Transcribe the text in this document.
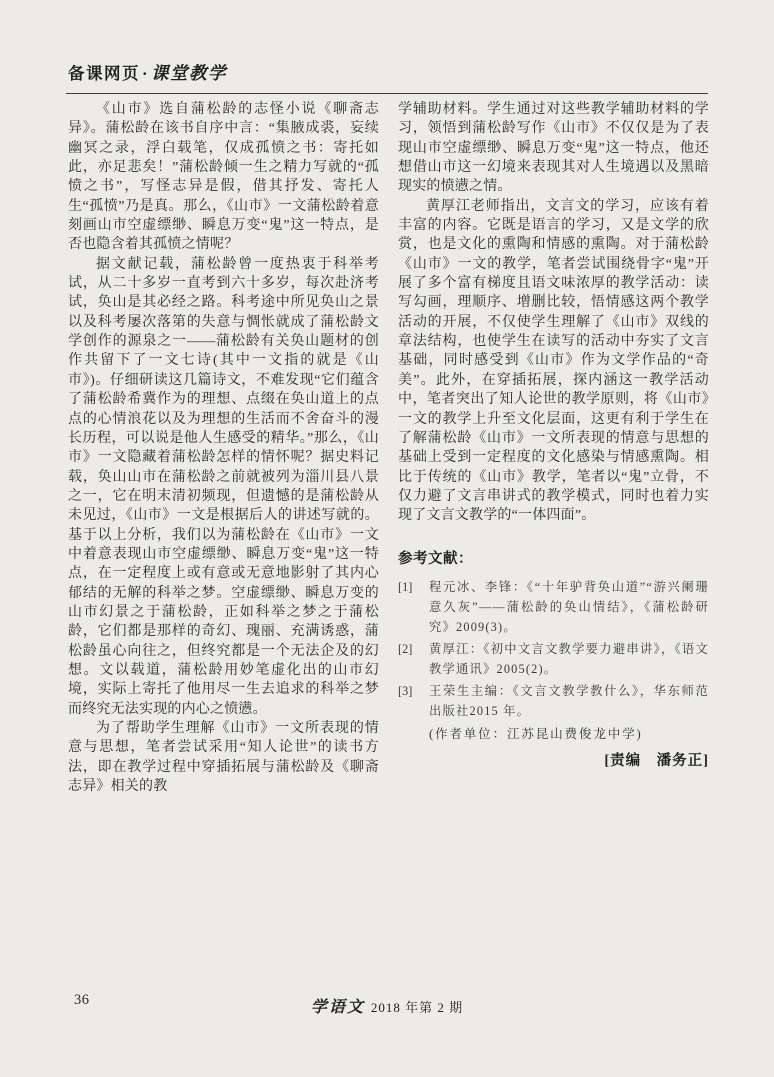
备课网页 · 课堂教学

《山市》选自蒲松龄的志怪小说《聊斋志异》。蒲松龄在该书自序中言：“集腋成裘，妄续幽冥之录，浮白载笔，仅成孤愤之书：寄托如此，亦足悲矣！”蒲松龄倾一生之精力写就的“孤愤之书”，写怪志异是假，借其抒发、寄托人生“孤愤”乃是真。那么，《山市》一文蒲松龄着意刻画山市空虚缥缈、瞬息万变“鬼”这一特点，是否也隐含着其孤愤之情呢？

据文献记载，蒲松龄曾一度热衷于科举考试，从二十多岁一直考到六十多岁，每次赴济考试，奂山是其必经之路。科考途中所见奂山之景以及科考屡次落第的失意与惆怅就成了蒲松龄文学创作的源泉之一——蒲松龄有关奂山题材的创作共留下了一文七诗(其中一文指的就是《山市》)。仔细研读这几篇诗文，不难发现“它们蕴含了蒲松龄希冀作为的理想、点缀在奂山道上的点点的心情浪花以及为理想的生活而不舍奋斗的漫长历程，可以说是他人生感受的精华。”那么，《山市》一文隐藏着蒲松龄怎样的情怀呢？据史料记载，奂山山市在蒲松龄之前就被列为淄川县八景之一，它在明末清初频现，但遗憾的是蒲松龄从未见过，《山市》一文是根据后人的讲述写就的。基于以上分析，我们以为蒲松龄在《山市》一文中着意表现山市空虚缥缈、瞬息万变“鬼”这一特点，在一定程度上或有意或无意地影射了其内心郁结的无解的科举之梦。空虚缥缈、瞬息万变的山市幻景之于蒲松龄，正如科举之梦之于蒲松龄，它们都是那样的奇幻、瑰丽、充满诱惑，蒲松龄虽心向往之，但终究都是一个无法企及的幻想。文以载道，蒲松龄用妙笔虚化出的山市幻境，实际上寄托了他用尽一生去追求的科举之梦而终究无法实现的内心之愤懑。

为了帮助学生理解《山市》一文所表现的情意与思想，笔者尝试采用“知人论世”的读书方法，即在教学过程中穿插拓展与蒲松龄及《聊斋志异》相关的教

学辅助材料。学生通过对这些教学辅助材料的学习，领悟到蒲松龄写作《山市》不仅仅是为了表现山市空虚缥缈、瞬息万变“鬼”这一特点，他还想借山市这一幻境来表现其对人生境遇以及黑暗现实的愤懑之情。

黄厚江老师指出，文言文的学习，应该有着丰富的内容。它既是语言的学习，又是文学的欣赏，也是文化的熏陶和情感的熏陶。对于蒲松龄《山市》一文的教学，笔者尝试围绕骨字“鬼”开展了多个富有梯度且语文味浓厚的教学活动：读写勾画，理顺序、增删比较，悟情感这两个教学活动的开展，不仅使学生理解了《山市》双线的章法结构，也使学生在读写的活动中夯实了文言基础，同时感受到《山市》作为文学作品的“奇美”。此外，在穿插拓展，探内涵这一教学活动中，笔者突出了知人论世的教学原则，将《山市》一文的教学上升至文化层面，这更有利于学生在了解蒲松龄《山市》一文所表现的情意与思想的基础上受到一定程度的文化感染与情感熏陶。相比于传统的《山市》教学，笔者以“鬼”立骨，不仅力避了文言串讲式的教学模式，同时也着力实现了文言文教学的“一体四面”。

参考文献：
[1] 程元冰、李锋：《“十年驴背奂山道”“游兴阑珊意久灰”——蒲松龄的奂山情结》，《蒲松龄研究》2009(3)。
[2] 黄厚江：《初中文言文教学要力避串讲》，《语文教学通讯》2005(2)。
[3] 王荣生主编：《文言文教学教什么》，华东师范出版社2015 年。
(作者单位：江苏昆山费俊龙中学)
[责编　潘务正]
36	学语文 2018 年第 2 期
